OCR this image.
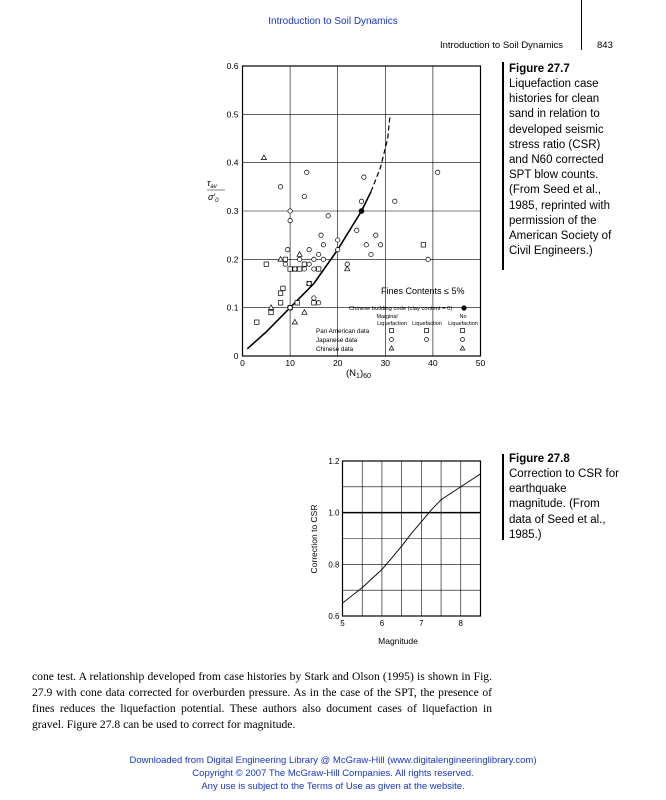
Introduction to Soil Dynamics
Introduction to Soil Dynamics	843
0	10	20	30	40	50
0
0.1
0.2
0.3
0.4
0.5
0.6
$\tau_{av}$
$\sigma'_0$
$(N_1)_{60}$
Fines Contents ≤ 5%
Chinese building code (clay content = 0)
Marginal	No
Liquefaction Liquefaction Liquefaction
Pan American data
Japanese data
Chinese data
Figure 27.7
Liquefaction case histories for clean sand in relation to developed seismic stress ratio (CSR) and N60 corrected SPT blow counts. (From Seed et al., 1985, reprinted with permission of the American Society of Civil Engineers.)
5	6	7	8
0.6
0.8
1.0
1.2
Correction to CSR
Magnitude
Figure 27.8
Correction to CSR for earthquake magnitude. (From data of Seed et al., 1985.)
cone test. A relationship developed from case histories by Stark and Olson (1995) is shown in Fig. 27.9 with cone data corrected for overburden pressure. As in the case of the SPT, the presence of fines reduces the liquefaction potential. These authors also document cases of liquefaction in gravel. Figure 27.8 can be used to correct for magnitude.
Downloaded from Digital Engineering Library @ McGraw-Hill (www.digitalengineeringlibrary.com)
Copyright © 2007 The McGraw-Hill Companies. All rights reserved.
Any use is subject to the Terms of Use as given at the website.
